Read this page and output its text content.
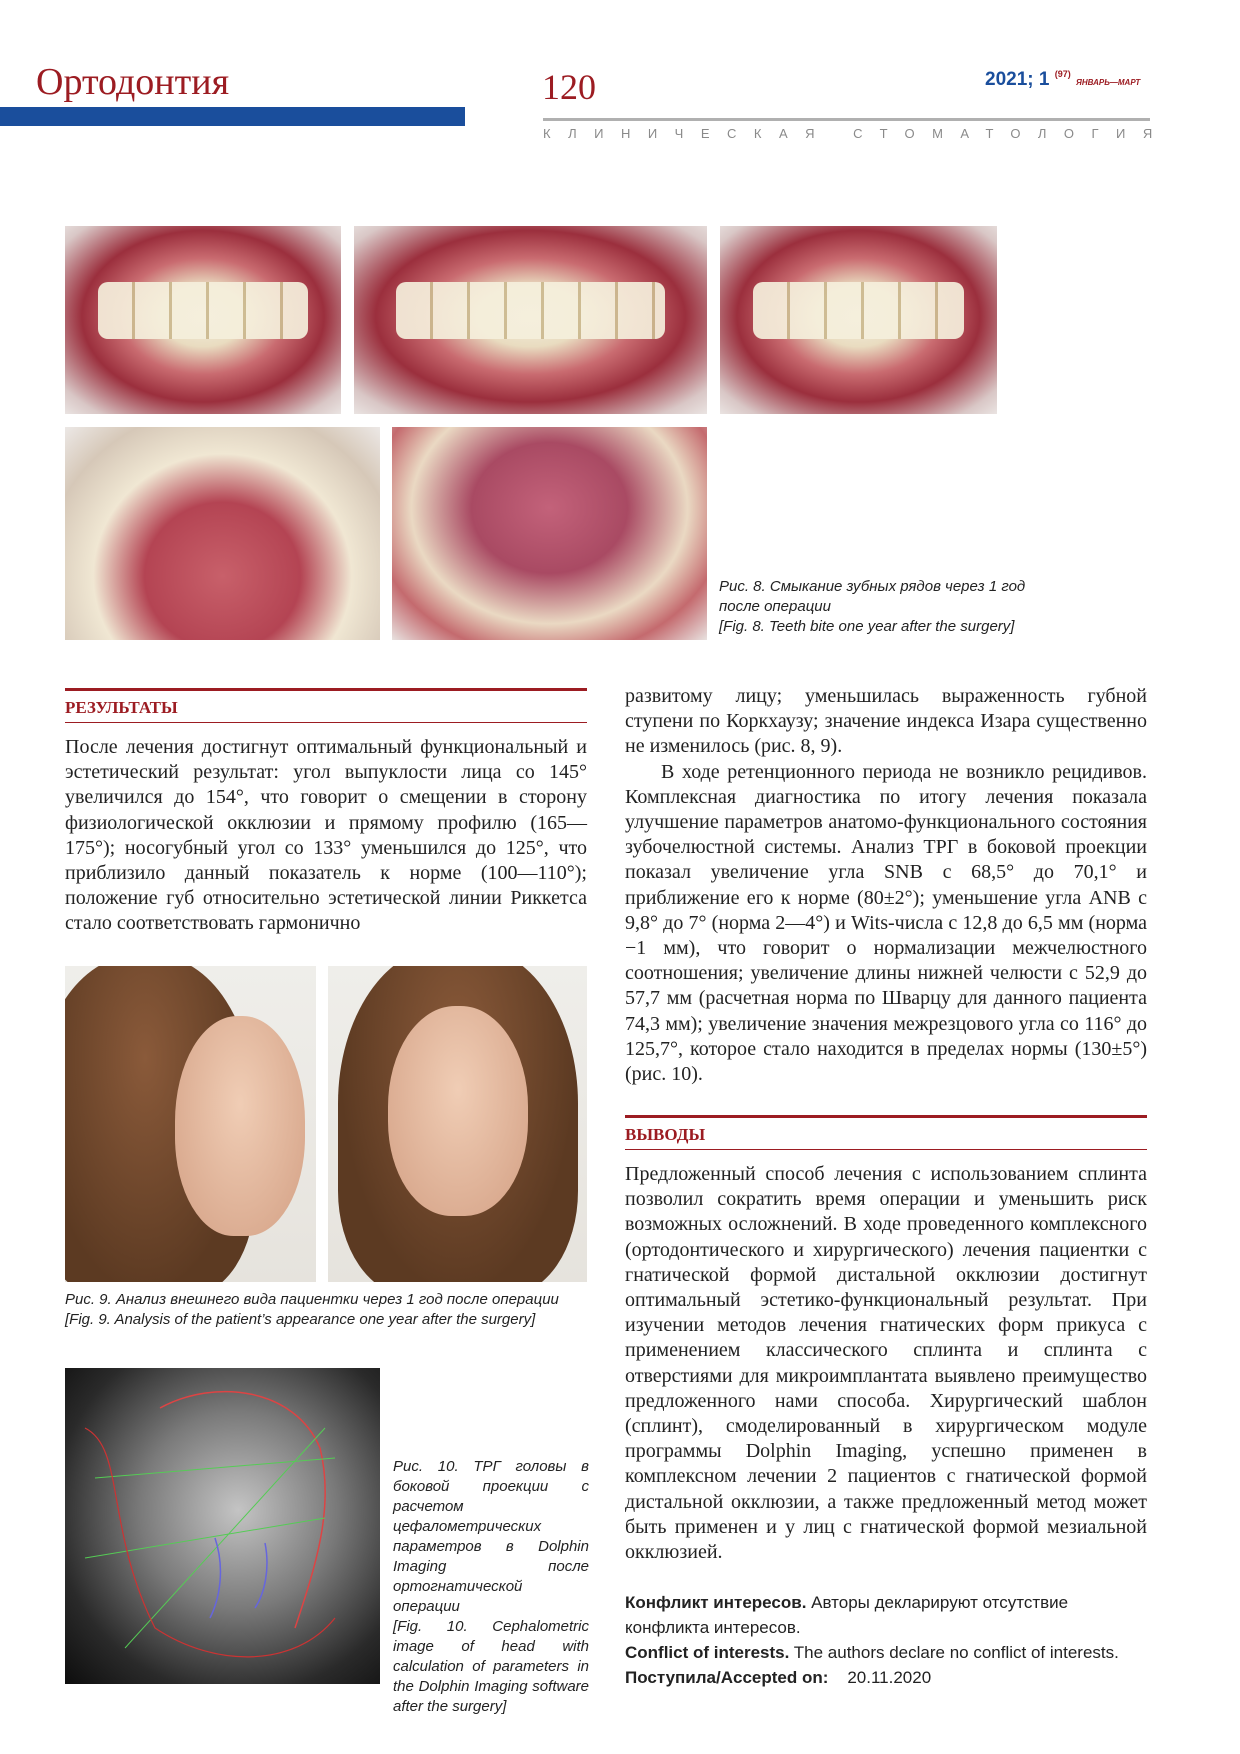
Ортодонтия	120	2021; 1 $^{(97)}$ ЯНВАРЬ—МАРТ
КЛИНИЧЕСКАЯ СТОМАТОЛОГИЯ
Рис. 8. Смыкание зубных рядов через 1 год после операции
[Fig. 8. Teeth bite one year after the surgery]
РЕЗУЛЬТАТЫ

После лечения достигнут оптимальный функциональный и эстетический результат: угол выпуклости лица со 145° увеличился до 154°, что говорит о смещении в сторону физиологической окклюзии и прямому профилю (165—175°); носогубный угол со 133° уменьшился до 125°, что приблизило данный показатель к норме (100—110°); положение губ относительно эстетической линии Риккетса стало соответствовать гармонично

Рис. 9. Анализ внешнего вида пациентки через 1 год после операции
[Fig. 9. Analysis of the patient’s appearance one year after the surgery]
Рис. 10. ТРГ головы в боковой проекции с расчетом цефалометрических параметров в Dolphin Imaging после ортогнатической операции
[Fig. 10. Cephalometric image of head with calculation of parameters in the Dolphin Imaging software after the surgery]

развитому лицу; уменьшилась выраженность губной ступени по Коркхаузу; значение индекса Изара существенно не изменилось (рис. 8, 9).

В ходе ретенционного периода не возникло рецидивов. Комплексная диагностика по итогу лечения показала улучшение параметров анатомо-функционального состояния зубочелюстной системы. Анализ ТРГ в боковой проекции показал увеличение угла SNB с 68,5° до 70,1° и приближение его к норме (80±2°); уменьшение угла ANB с 9,8° до 7° (норма 2—4°) и Wits-числа с 12,8 до 6,5 мм (норма −1 мм), что говорит о нормализации межчелюстного соотношения; увеличение длины нижней челюсти с 52,9 до 57,7 мм (расчетная норма по Шварцу для данного пациента 74,3 мм); увеличение значения межрезцового угла со 116° до 125,7°, которое стало находится в пределах нормы (130±5°) (рис. 10).

ВЫВОДЫ

Предложенный способ лечения с использованием сплинта позволил сократить время операции и уменьшить риск возможных осложнений. В ходе проведенного комплексного (ортодонтического и хирургического) лечения пациентки с гнатической формой дистальной окклюзии достигнут оптимальный эстетико-функциональный результат. При изучении методов лечения гнатических форм прикуса с применением классического сплинта и сплинта с отверстиями для микроимплантата выявлено преимущество предложенного нами способа. Хирургический шаблон (сплинт), смоделированный в хирургическом модуле программы Dolphin Imaging, успешно применен в комплексном лечении 2 пациентов с гнатической формой дистальной окклюзии, а также предложенный метод может быть применен и у лиц с гнатической формой мезиальной окклюзией.

Конфликт интересов. Авторы декларируют отсутствие конфликта интересов.
Conflict of interests. The authors declare no conflict of interests.
Поступила/Accepted on: 20.11.2020
